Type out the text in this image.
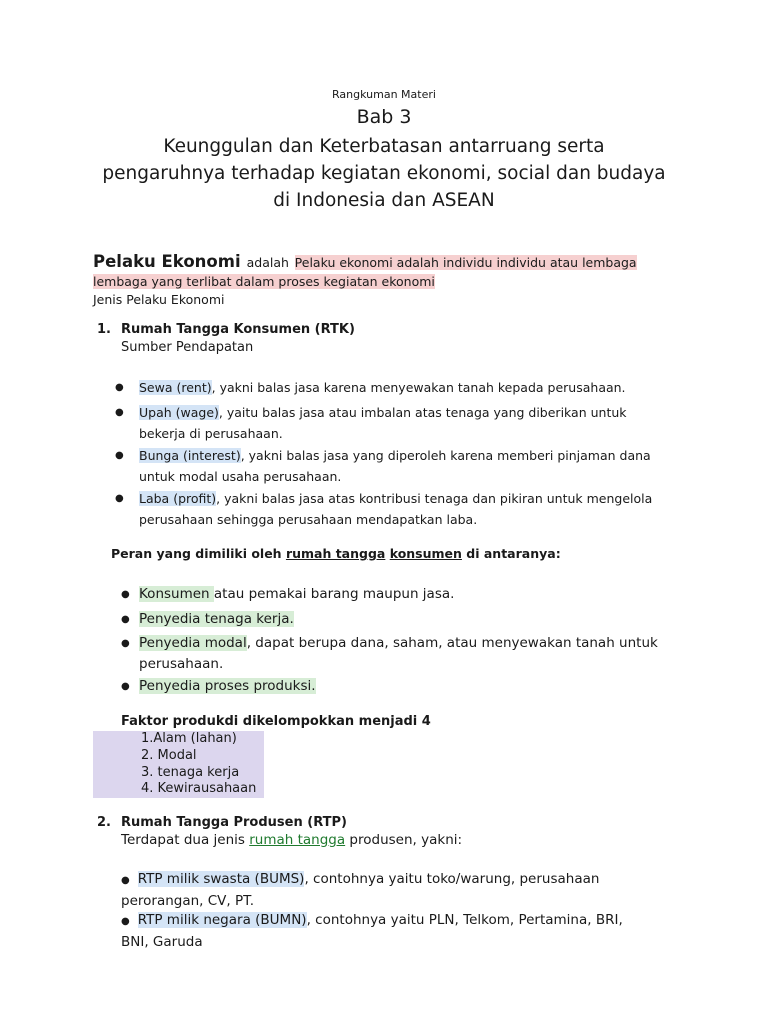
Rangkuman Materi
Bab 3
Keunggulan dan Keterbatasan antarruang serta
pengaruhnya terhadap kegiatan ekonomi, social dan budaya
di Indonesia dan ASEAN
Pelaku Ekonomi adalah Pelaku ekonomi adalah individu individu atau lembaga
lembaga yang terlibat dalam proses kegiatan ekonomi
Jenis Pelaku Ekonomi
1. Rumah Tangga Konsumen (RTK)
Sumber Pendapatan
● Sewa (rent), yakni balas jasa karena menyewakan tanah kepada perusahaan.
● Upah (wage), yaitu balas jasa atau imbalan atas tenaga yang diberikan untuk
bekerja di perusahaan.
● Bunga (interest), yakni balas jasa yang diperoleh karena memberi pinjaman dana
untuk modal usaha perusahaan.
● Laba (profit), yakni balas jasa atas kontribusi tenaga dan pikiran untuk mengelola
perusahaan sehingga perusahaan mendapatkan laba.
Peran yang dimiliki oleh rumah tangga konsumen di antaranya:
● Konsumen atau pemakai barang maupun jasa.
● Penyedia tenaga kerja.
● Penyedia modal, dapat berupa dana, saham, atau menyewakan tanah untuk
perusahaan.
● Penyedia proses produksi.
Faktor produkdi dikelompokkan menjadi 4
1.Alam (lahan)
2. Modal
3. tenaga kerja
4. Kewirausahaan
2. Rumah Tangga Produsen (RTP)
Terdapat dua jenis rumah tangga produsen, yakni:
● RTP milik swasta (BUMS), contohnya yaitu toko/warung, perusahaan
perorangan, CV, PT.
● RTP milik negara (BUMN), contohnya yaitu PLN, Telkom, Pertamina, BRI,
BNI, Garuda
